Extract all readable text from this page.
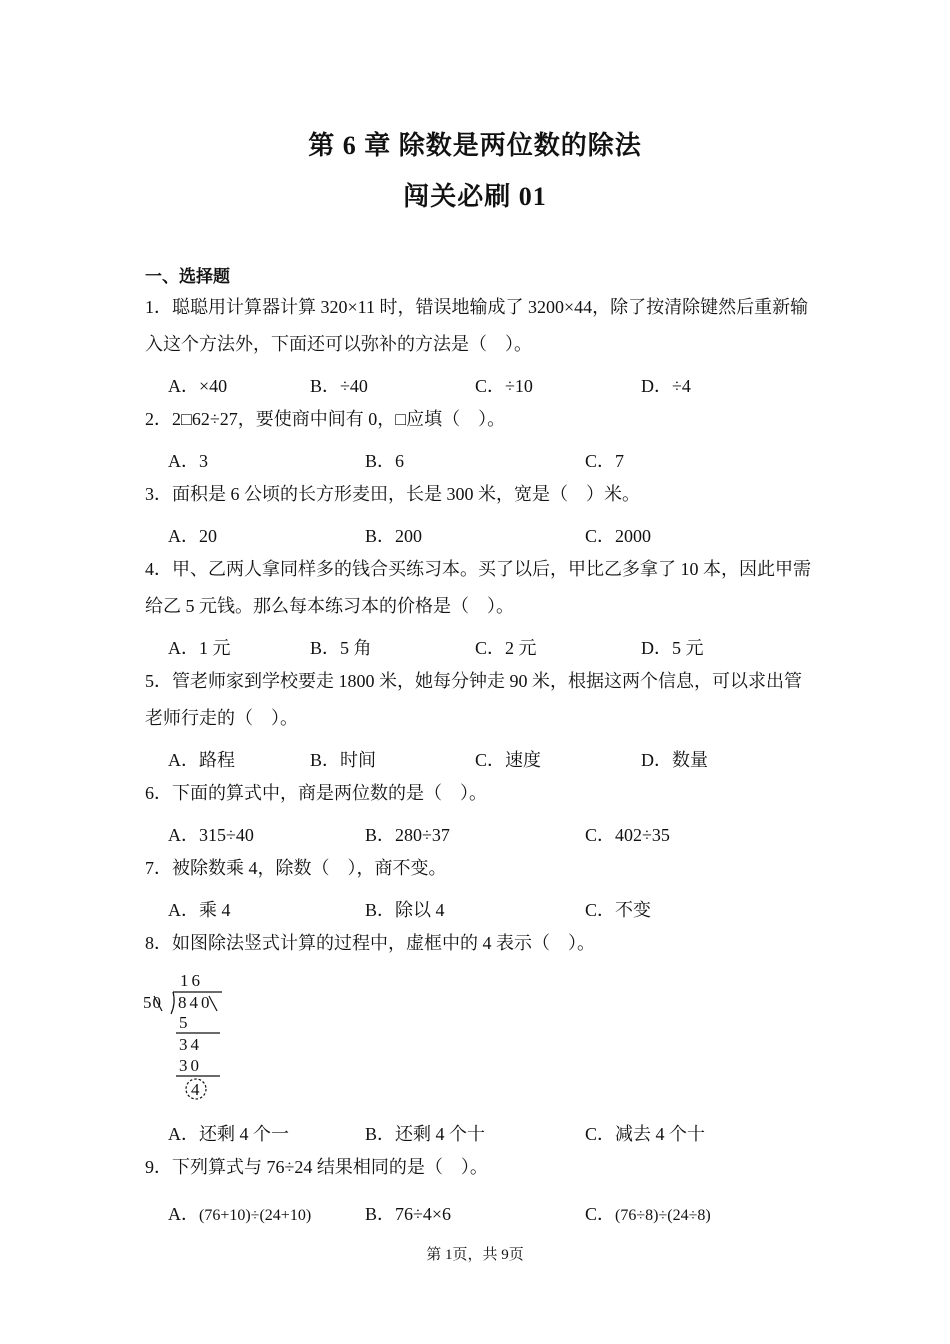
第 6 章 除数是两位数的除法
闯关必刷 01
一、选择题
1．聪聪用计算器计算 320×11 时，错误地输成了 3200×44，除了按清除键然后重新输入这个方法外，下面还可以弥补的方法是（　）。
A．×40	B．÷40	C．÷10	D．÷4
2．2□62÷27，要使商中间有 0，□应填（　）。
A．3	B．6	C．7
3．面积是 6 公顷的长方形麦田，长是 300 米，宽是（　）米。
A．20	B．200	C．2000
4．甲、乙两人拿同样多的钱合买练习本。买了以后，甲比乙多拿了 10 本，因此甲需给乙 5 元钱。那么每本练习本的价格是（　）。
A．1 元	B．5 角	C．2 元	D．5 元
5．管老师家到学校要走 1800 米，她每分钟走 90 米，根据这两个信息，可以求出管老师行走的（　）。
A．路程	B．时间	C．速度	D．数量
6．下面的算式中，商是两位数的是（　）。
A．315÷40	B．280÷37	C．402÷35
7．被除数乘 4，除数（　），商不变。
A．乘 4	B．除以 4	C．不变
8．如图除法竖式计算的过程中，虚框中的 4 表示（　）。
16
50 840
5
34
30
4
A．还剩 4 个一	B．还剩 4 个十	C．减去 4 个十
9．下列算式与 76÷24 结果相同的是（　）。
A．(76+10)÷(24+10)	B．76÷4×6	C．(76÷8)÷(24÷8)
第 1页，共 9页
